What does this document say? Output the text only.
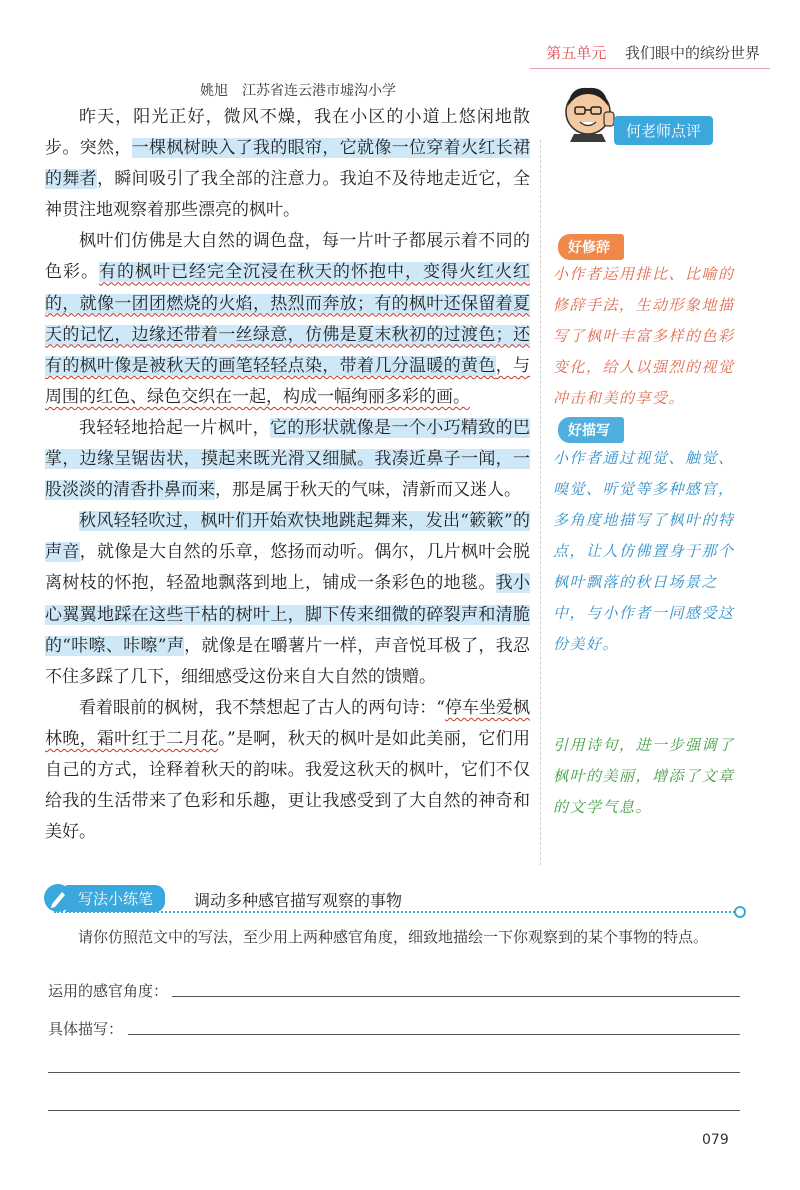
第五单元 我们眼中的缤纷世界
姚旭　江苏省连云港市墟沟小学

昨天，阳光正好，微风不燥，我在小区的小道上悠闲地散步。突然，一棵枫树映入了我的眼帘，它就像一位穿着火红长裙的舞者，瞬间吸引了我全部的注意力。我迫不及待地走近它，全神贯注地观察着那些漂亮的枫叶。

枫叶们仿佛是大自然的调色盘，每一片叶子都展示着不同的色彩。有的枫叶已经完全沉浸在秋天的怀抱中，变得火红火红的，就像一团团燃烧的火焰，热烈而奔放；有的枫叶还保留着夏天的记忆，边缘还带着一丝绿意，仿佛是夏末秋初的过渡色；还有的枫叶像是被秋天的画笔轻轻点染，带着几分温暖的黄色，与周围的红色、绿色交织在一起，构成一幅绚丽多彩的画。

我轻轻地拾起一片枫叶，它的形状就像是一个小巧精致的巴掌，边缘呈锯齿状，摸起来既光滑又细腻。我凑近鼻子一闻，一股淡淡的清香扑鼻而来，那是属于秋天的气味，清新而又迷人。

秋风轻轻吹过，枫叶们开始欢快地跳起舞来，发出“簌簌”的声音，就像是大自然的乐章，悠扬而动听。偶尔，几片枫叶会脱离树枝的怀抱，轻盈地飘落到地上，铺成一条彩色的地毯。我小心翼翼地踩在这些干枯的树叶上，脚下传来细微的碎裂声和清脆的“咔嚓、咔嚓”声，就像是在嚼薯片一样，声音悦耳极了，我忍不住多踩了几下，细细感受这份来自大自然的馈赠。

看着眼前的枫树，我不禁想起了古人的两句诗：“停车坐爱枫林晚，霜叶红于二月花。”是啊，秋天的枫叶是如此美丽，它们用自己的方式，诠释着秋天的韵味。我爱这秋天的枫叶，它们不仅给我的生活带来了色彩和乐趣，更让我感受到了大自然的神奇和美好。

何老师点评
好修辞
小作者运用排比、比喻的修辞手法，生动形象地描写了枫叶丰富多样的色彩变化，给人以强烈的视觉冲击和美的享受。
好描写
小作者通过视觉、触觉、嗅觉、听觉等多种感官，多角度地描写了枫叶的特点，让人仿佛置身于那个枫叶飘落的秋日场景之中，与小作者一同感受这份美好。
引用诗句，进一步强调了枫叶的美丽，增添了文章的文学气息。
写法小练笔	调动多种感官描写观察的事物
请你仿照范文中的写法，至少用上两种感官角度，细致地描绘一下你观察到的某个事物的特点。
运用的感官角度：
具体描写：
079
